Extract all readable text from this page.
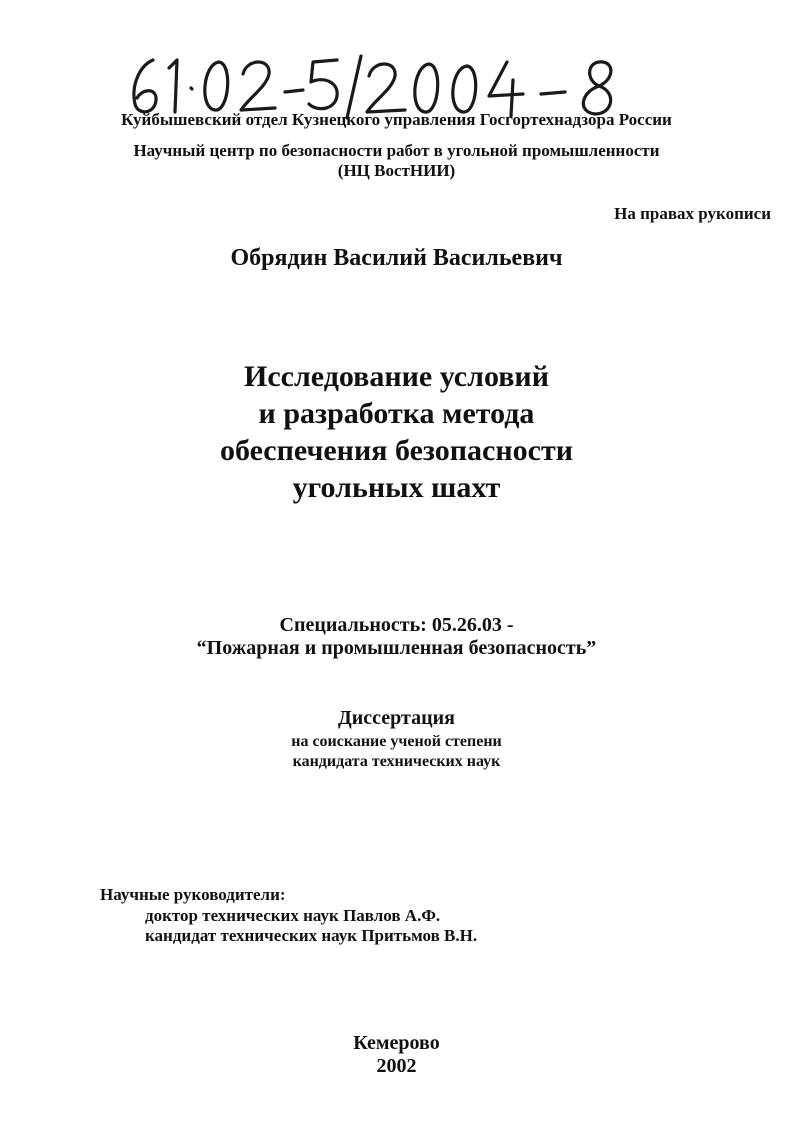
Куйбышевский отдел Кузнецкого управления Госгортехнадзора России
Научный центр по безопасности работ в угольной промышленности
(НЦ ВостНИИ)
На правах рукописи
Обрядин Василий Васильевич
Исследование условий
и разработка метода
обеспечения безопасности
угольных шахт
Специальность: 05.26.03 -
“Пожарная и промышленная безопасность”
Диссертация
на соискание ученой степени
кандидата технических наук
Научные руководители:
доктор технических наук Павлов А.Ф.
кандидат технических наук Притьмов В.Н.
Кемерово
2002
